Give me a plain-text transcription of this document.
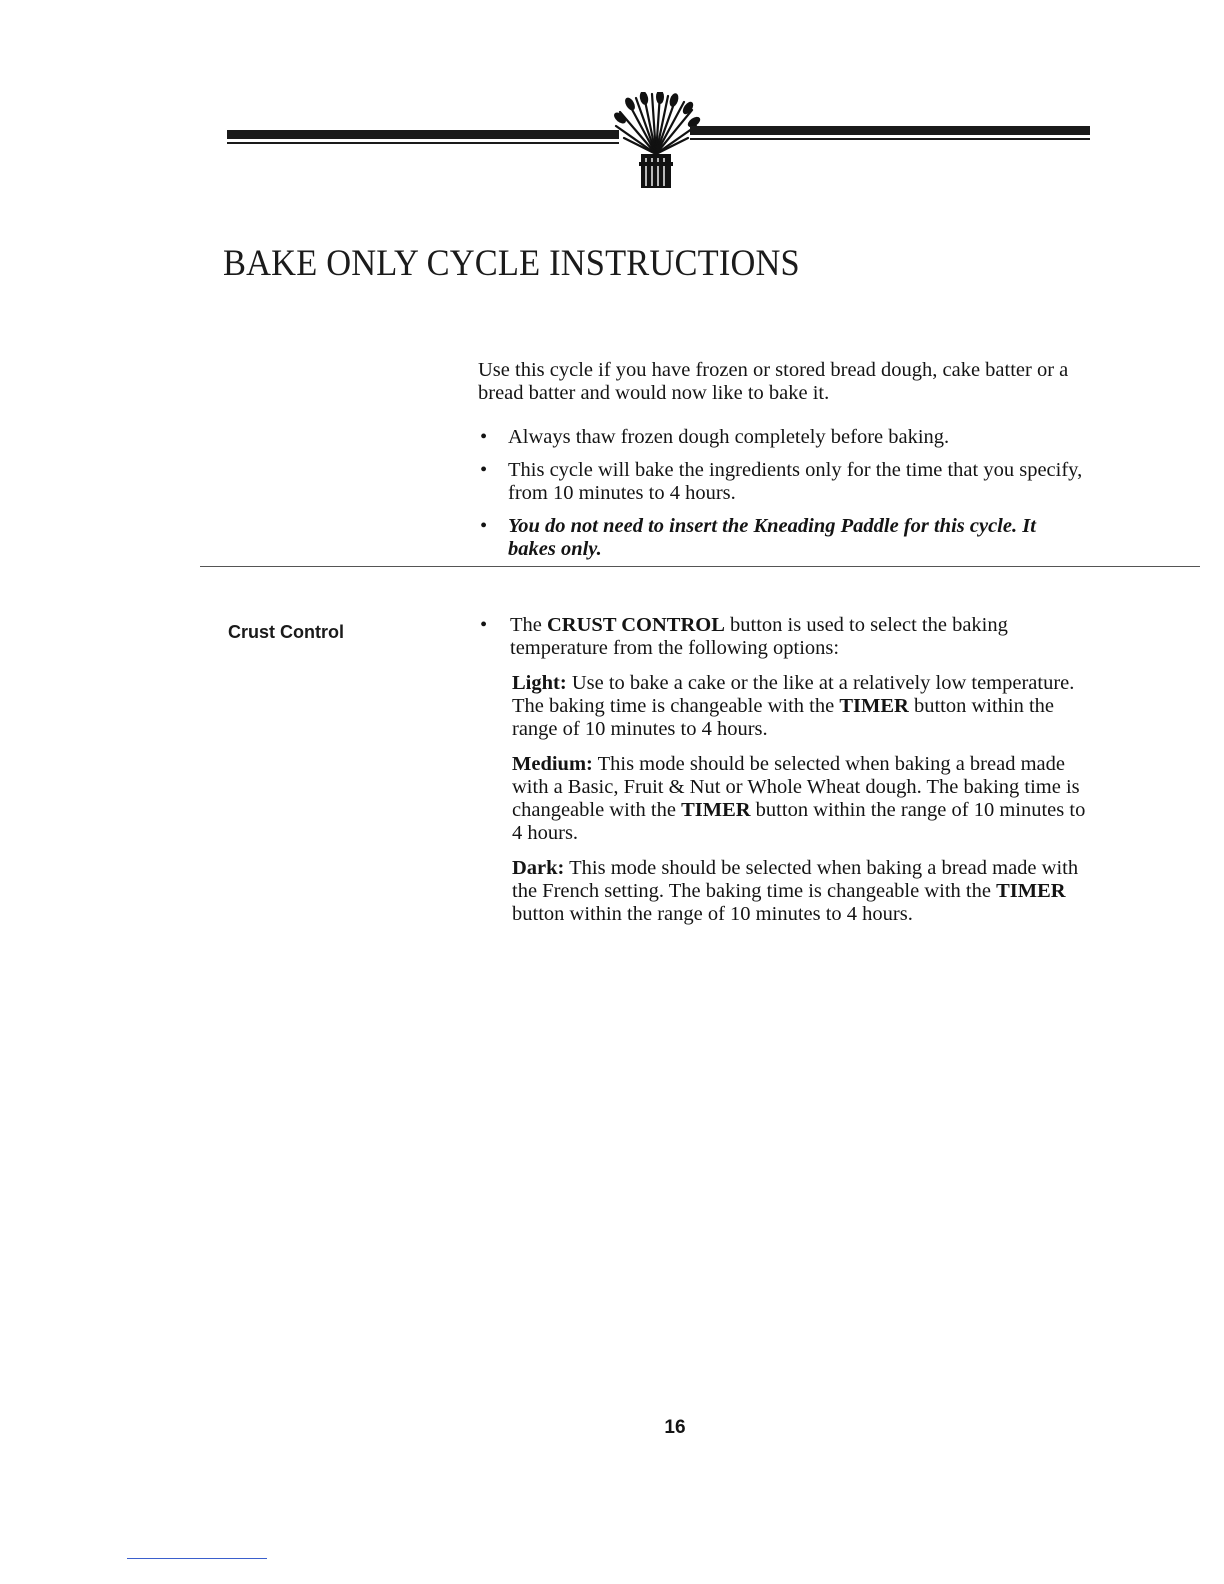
BAKE ONLY CYCLE INSTRUCTIONS

Use this cycle if you have frozen or stored bread dough, cake batter or a bread batter and would now like to bake it.

• Always thaw frozen dough completely before baking.
• This cycle will bake the ingredients only for the time that you specify, from 10 minutes to 4 hours.
• You do not need to insert the Kneading Paddle for this cycle. It bakes only.

Crust Control	• The CRUST CONTROL button is used to select the baking temperature from the following options:

Light: Use to bake a cake or the like at a relatively low temperature. The baking time is changeable with the TIMER button within the range of 10 minutes to 4 hours.

Medium: This mode should be selected when baking a bread made with a Basic, Fruit & Nut or Whole Wheat dough. The baking time is changeable with the TIMER button within the range of 10 minutes to 4 hours.

Dark: This mode should be selected when baking a bread made with the French setting. The baking time is changeable with the TIMER button within the range of 10 minutes to 4 hours.

16
